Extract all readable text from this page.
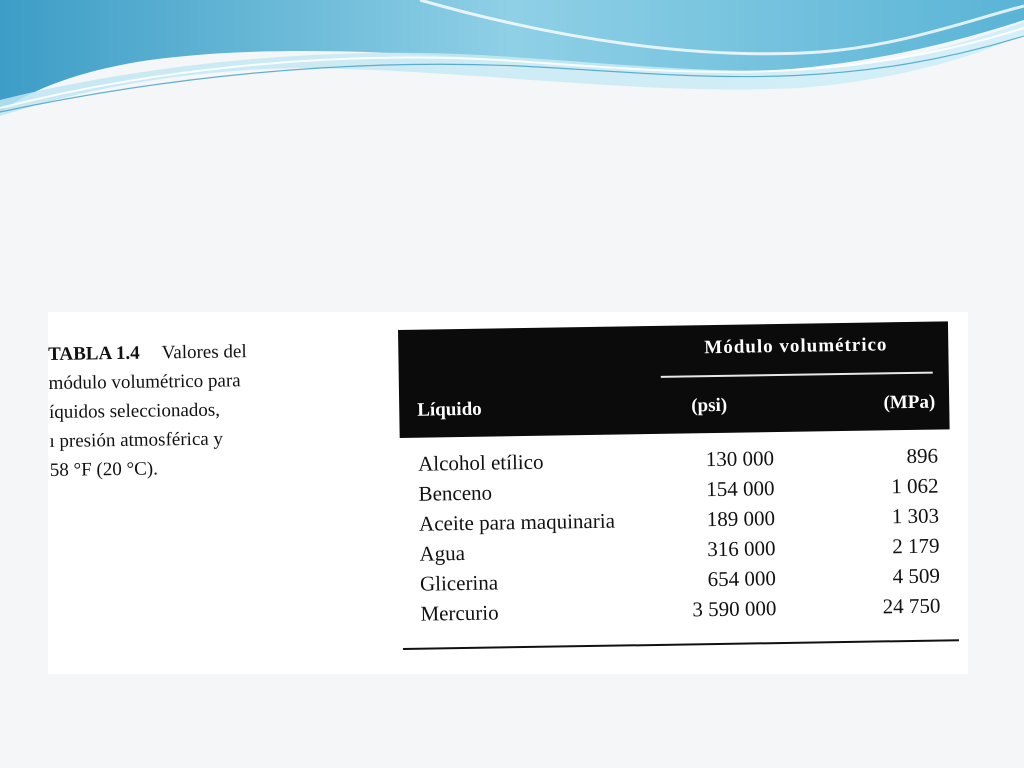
TABLA 1.4 Valores del
módulo volumétrico para
íquidos seleccionados,
ı presión atmosférica y
58 °F (20 °C).
Módulo volumétrico
Líquido	(psi)	(MPa)
Alcohol etílico	130 000	896
Benceno	154 000	1 062
Aceite para maquinaria	189 000	1 303
Agua	316 000	2 179
Glicerina	654 000	4 509
Mercurio	3 590 000	24 750
